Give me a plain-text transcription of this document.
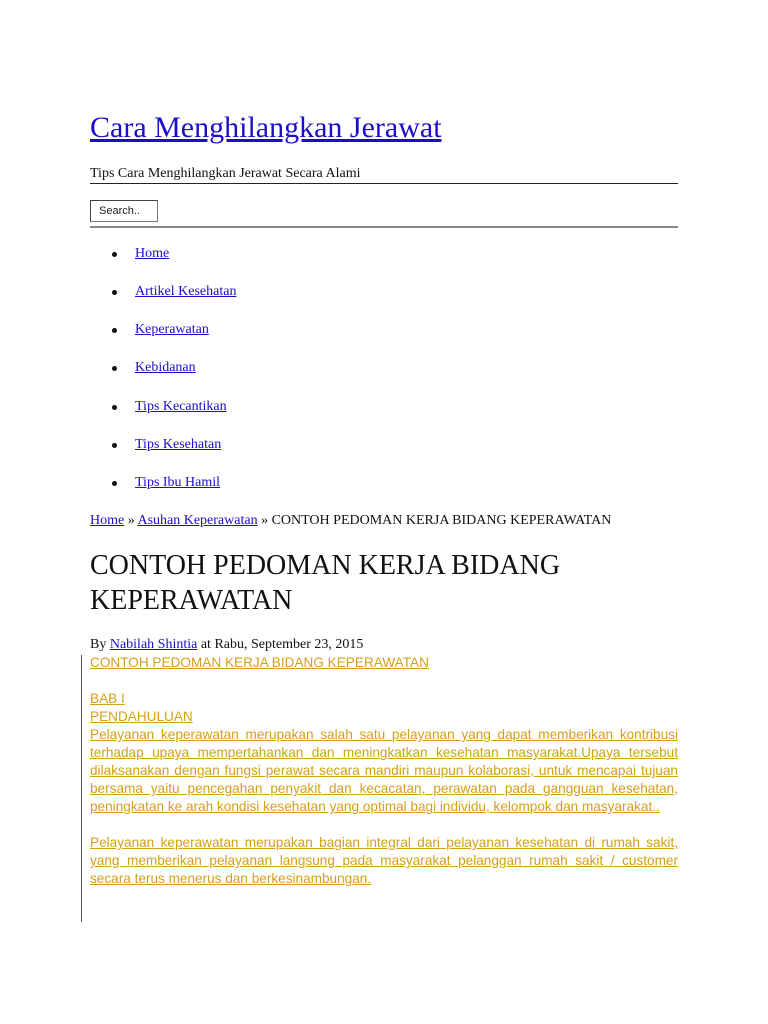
Cara Menghilangkan Jerawat
Tips Cara Menghilangkan Jerawat Secara Alami
Search..
Home
Artikel Kesehatan
Keperawatan
Kebidanan
Tips Kecantikan
Tips Kesehatan
Tips Ibu Hamil
Home » Asuhan Keperawatan » CONTOH PEDOMAN KERJA BIDANG KEPERAWATAN
CONTOH PEDOMAN KERJA BIDANG KEPERAWATAN
By Nabilah Shintia at Rabu, September 23, 2015
CONTOH PEDOMAN KERJA BIDANG KEPERAWATAN
BAB I
PENDAHULUAN
Pelayanan keperawatan merupakan salah satu pelayanan yang dapat memberikan kontribusi terhadap upaya mempertahankan dan meningkatkan kesehatan masyarakat.Upaya tersebut dilaksanakan dengan fungsi perawat secara mandiri maupun kolaborasi, untuk mencapai tujuan bersama yaitu pencegahan penyakit dan kecacatan, perawatan pada gangguan kesehatan, peningkatan ke arah kondisi kesehatan yang optimal bagi individu, kelompok dan masyarakat..
Pelayanan keperawatan merupakan bagian integral dari pelayanan kesehatan di rumah sakit, yang memberikan pelayanan langsung pada masyarakat pelanggan rumah sakit / customer secara terus menerus dan berkesinambungan.
